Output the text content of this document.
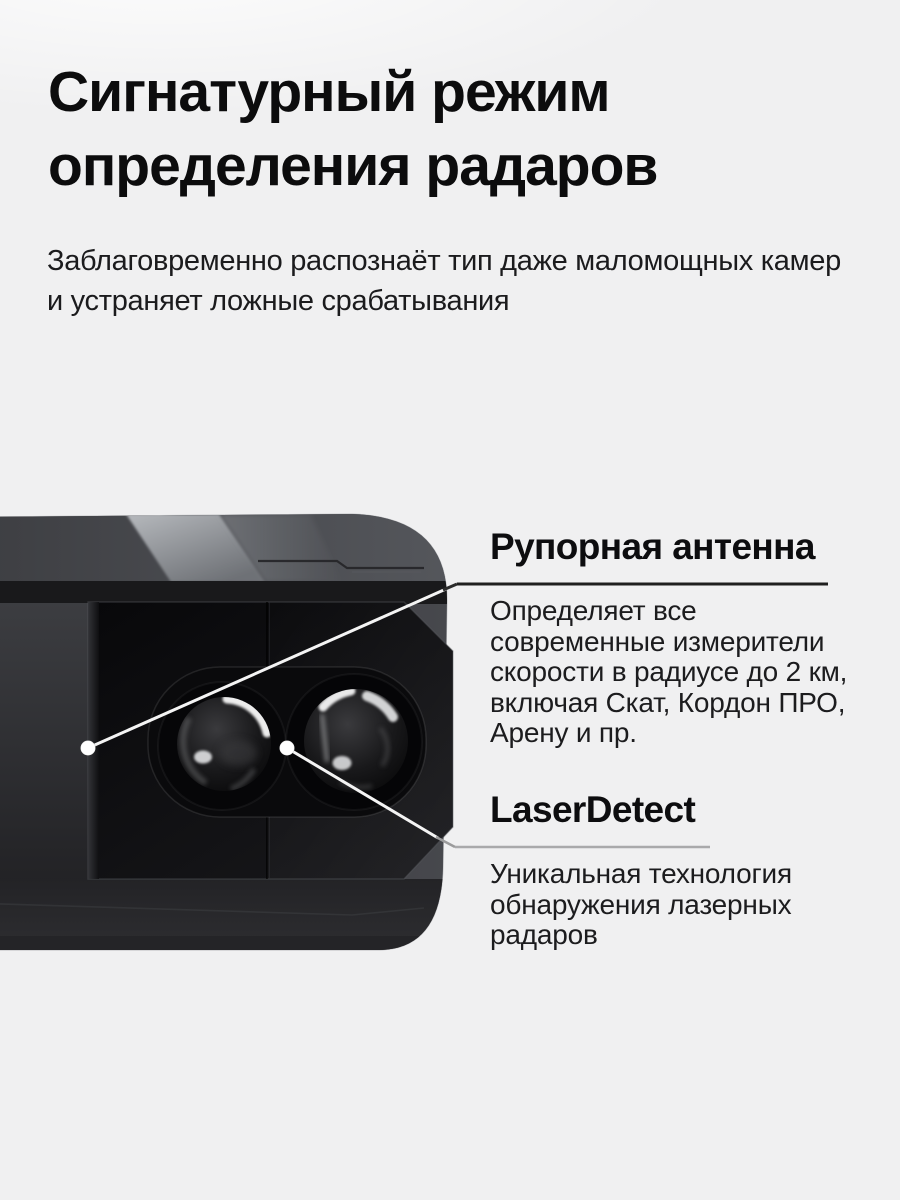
Сигнатурный режим
определения радаров
Заблаговременно распознаёт тип даже маломощных камер
и устраняет ложные срабатывания
Рупорная антенна
Определяет все
современные измерители
скорости в радиусе до 2 км,
включая Скат, Кордон ПРО,
Арену и пр.
LaserDetect
Уникальная технология
обнаружения лазерных
радаров
